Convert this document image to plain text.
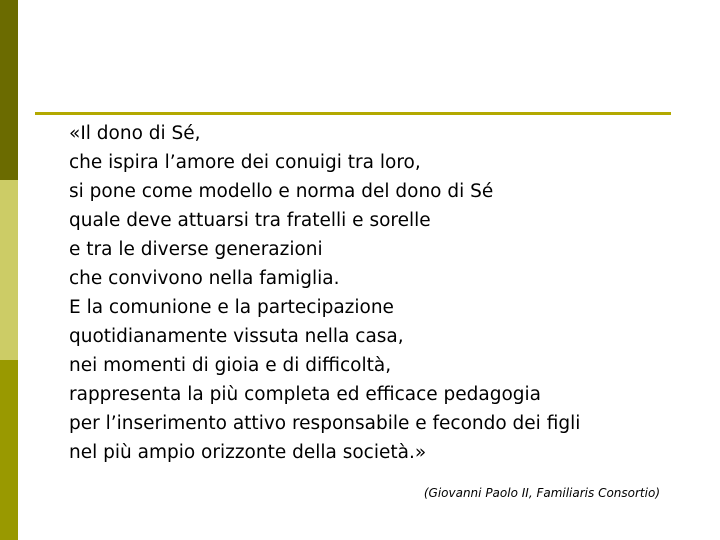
«Il dono di Sé,
che ispira l’amore dei conuigi tra loro,
si pone come modello e norma del dono di Sé
quale deve attuarsi tra fratelli e sorelle
e tra le diverse generazioni
che convivono nella famiglia.
E la comunione e la partecipazione
quotidianamente vissuta nella casa,
nei momenti di gioia e di difficoltà,
rappresenta la più completa ed efficace pedagogia
per l’inserimento attivo responsabile e fecondo dei figli
nel più ampio orizzonte della società.»
(Giovanni Paolo II, Familiaris Consortio)
